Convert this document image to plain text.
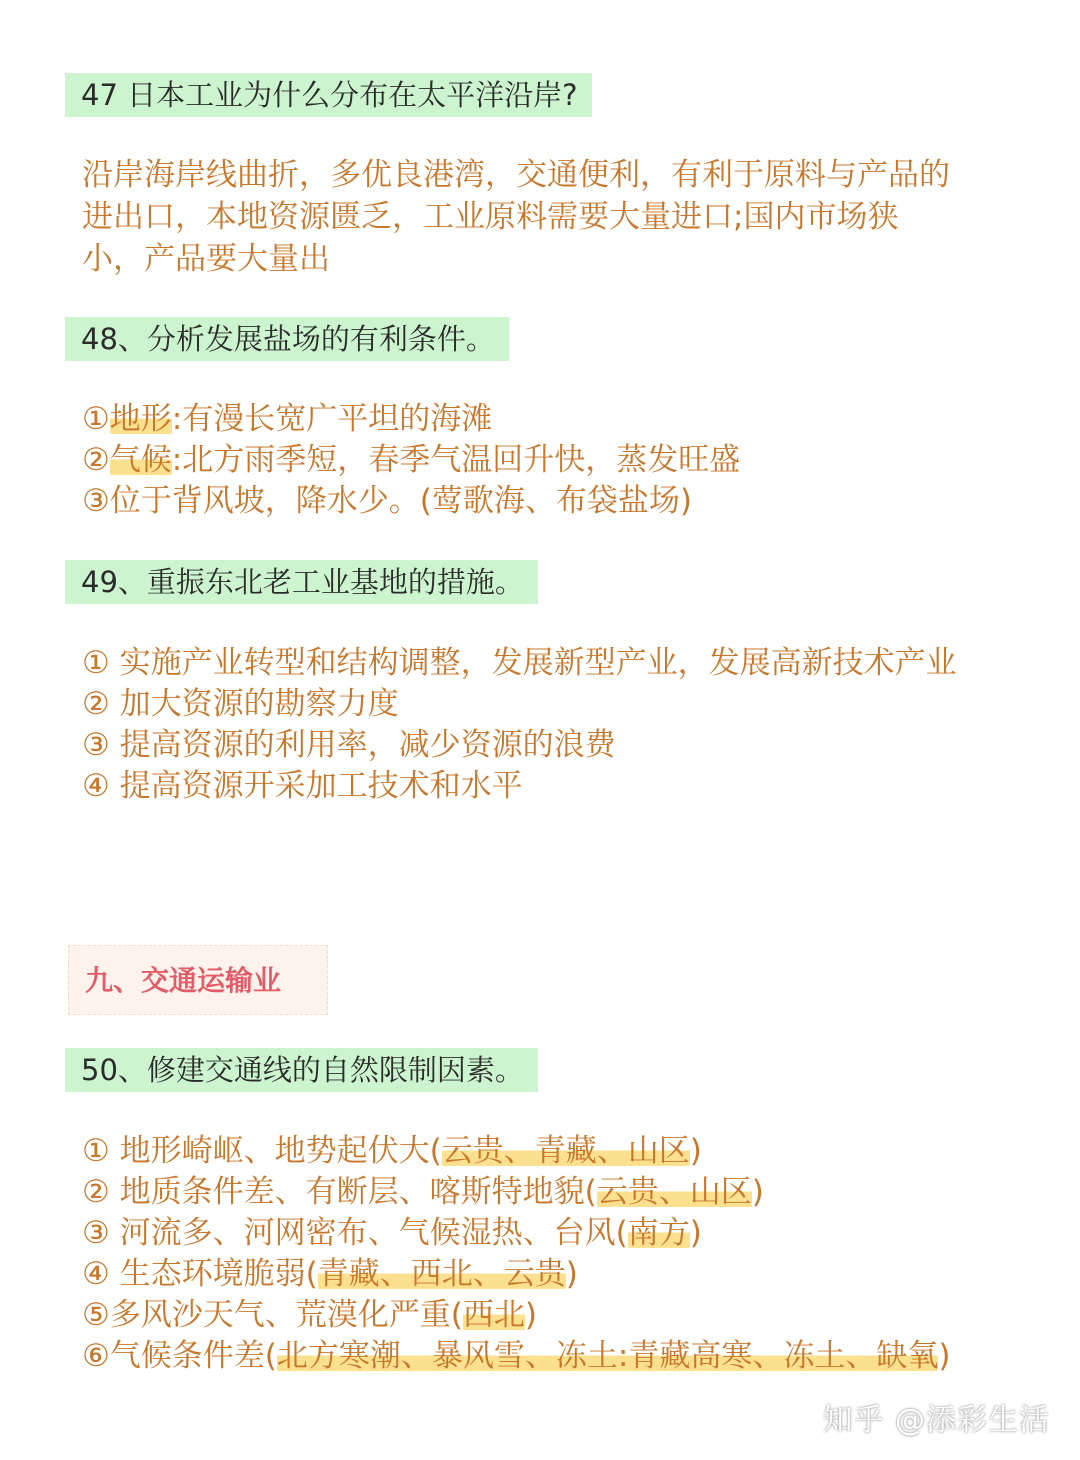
47 日本工业为什么分布在太平洋沿岸?
沿岸海岸线曲折，多优良港湾，交通便利，有利于原料与产品的
进出口，本地资源匮乏，工业原料需要大量进口;国内市场狭
小，产品要大量出
48、分析发展盐场的有利条件。
①地形:有漫长宽广平坦的海滩
②气候:北方雨季短，春季气温回升快，蒸发旺盛
③位于背风坡，降水少。(莺歌海、布袋盐场)
49、重振东北老工业基地的措施。
① 实施产业转型和结构调整，发展新型产业，发展高新技术产业
② 加大资源的勘察力度
③ 提高资源的利用率，减少资源的浪费
④ 提高资源开采加工技术和水平
九、交通运输业
50、修建交通线的自然限制因素。
① 地形崎岖、地势起伏大(云贵、青藏、山区)
② 地质条件差、有断层、喀斯特地貌(云贵、山区)
③ 河流多、河网密布、气候湿热、台风(南方)
④ 生态环境脆弱(青藏、西北、云贵)
⑤多风沙天气、荒漠化严重(西北)
⑥气候条件差(北方寒潮、暴风雪、冻土:青藏高寒、冻土、缺氧)
知乎 @添彩生活
